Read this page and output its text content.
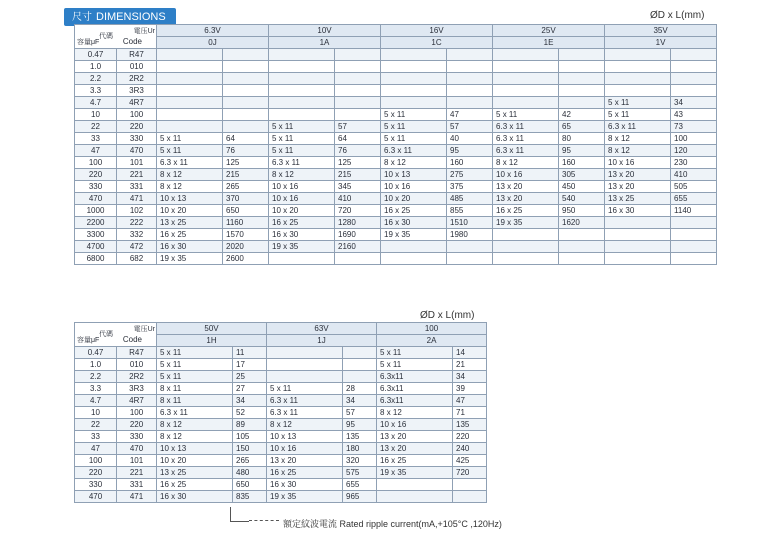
尺寸 DIMENSIONS	ØD x L(mm)
電压Ur
容量μF Code
代碼		6.3V		10V		16V		25V		35V	
		0J		1A		1C		1E		1V	
0.47	R47										
1.0	010										
2.2	2R2										
3.3	3R3										
4.7	4R7									5 x 11	34
10	100					5 x 11	47	5 x 11	42	5 x 11	43
22	220			5 x 11	57	5 x 11	57	6.3 x 11	65	6.3 x 11	73
33	330	5 x 11	64	5 x 11	64	5 x 11	40	6.3 x 11	80	8 x 12	100
47	470	5 x 11	76	5 x 11	76	6.3 x 11	95	6.3 x 11	95	8 x 12	120
100	101	6.3 x 11	125	6.3 x 11	125	8 x 12	160	8 x 12	160	10 x 16	230
220	221	8 x 12	215	8 x 12	215	10 x 13	275	10 x 16	305	13 x 20	410
330	331	8 x 12	265	10 x 16	345	10 x 16	375	13 x 20	450	13 x 20	505
470	471	10 x 13	370	10 x 16	410	10 x 20	485	13 x 20	540	13 x 25	655
1000	102	10 x 20	650	10 x 20	720	16 x 25	855	16 x 25	950	16 x 30	1140
2200	222	13 x 25	1160	16 x 25	1280	16 x 30	1510	19 x 35	1620		
3300	332	16 x 25	1570	16 x 30	1690	19 x 35	1980				
4700	472	16 x 30	2020	19 x 35	2160						
6800	682	19 x 35	2600								
ØD x L(mm)
電压Ur
容量μF Code
代碼		50V		63V		100	
		1H		1J		2A	
0.47	R47	5 x 11	11			5 x 11	14
1.0	010	5 x 11	17			5 x 11	21
2.2	2R2	5 x 11	25			6.3x11	34
3.3	3R3	8 x 11	27	5 x 11	28	6.3x11	39
4.7	4R7	8 x 11	34	6.3 x 11	34	6.3x11	47
10	100	6.3 x 11	52	6.3 x 11	57	8 x 12	71
22	220	8 x 12	89	8 x 12	95	10 x 16	135
33	330	8 x 12	105	10 x 13	135	13 x 20	220
47	470	10 x 13	150	10 x 16	180	13 x 20	240
100	101	10 x 20	265	13 x 20	320	16 x 25	425
220	221	13 x 25	480	16 x 25	575	19 x 35	720
330	331	16 x 25	650	16 x 30	655		
470	471	16 x 30	835	19 x 35	965		
額定紋波電流 Rated ripple current(mA,+105°C ,120Hz)
